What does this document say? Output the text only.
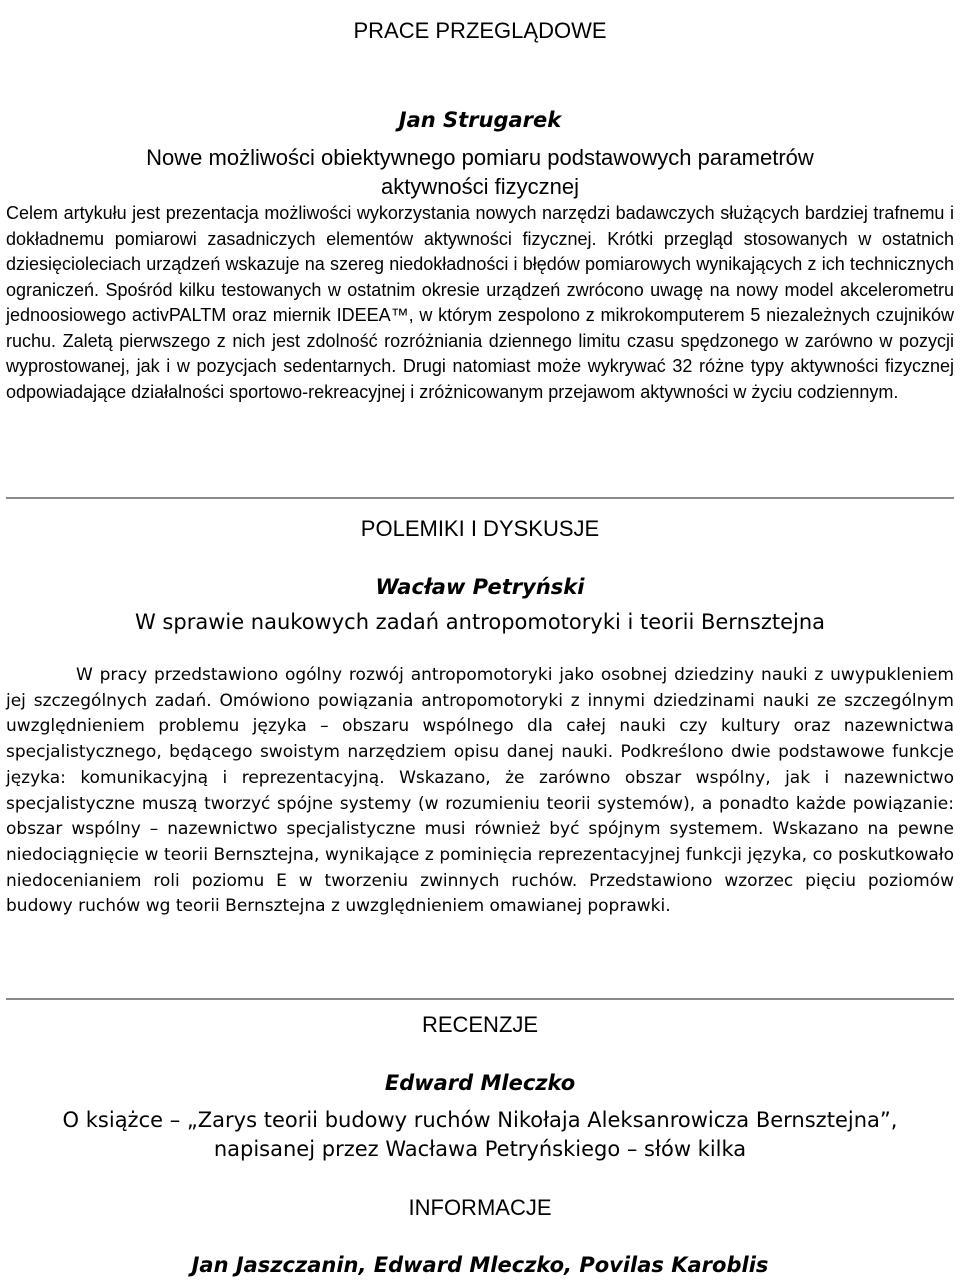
PRACE PRZEGLĄDOWE

Jan Strugarek

Nowe możliwości obiektywnego pomiaru podstawowych parametrów

aktywności fizycznej

Celem artykułu jest prezentacja możliwości wykorzystania nowych narzędzi badawczych służących bardziej trafnemu i dokładnemu pomiarowi zasadniczych elementów aktywności fizycznej. Krótki przegląd stosowanych w ostatnich dziesięcioleciach urządzeń wskazuje na szereg niedokładności i błędów pomiarowych wynikających z ich technicznych ograniczeń. Spośród kilku testowanych w ostatnim okresie urządzeń zwrócono uwagę na nowy model akcelerometru jednoosiowego activPALTM oraz miernik IDEEA™, w którym zespolono z mikrokomputerem 5 niezależnych czujników ruchu. Zaletą pierwszego z nich jest zdolność rozróżniania dziennego limitu czasu spędzonego w zarówno w pozycji wyprostowanej, jak i w pozycjach sedentarnych. Drugi natomiast może wykrywać 32 różne typy aktywności fizycznej odpowiadające działalności sportowo-rekreacyjnej i zróżnicowanym przejawom aktywności w życiu codziennym.

POLEMIKI I DYSKUSJE

Wacław Petryński

W sprawie naukowych zadań antropomotoryki i teorii Bernsztejna

W pracy przedstawiono ogólny rozwój antropomotoryki jako osobnej dziedziny nauki z uwypukleniem jej szczególnych zadań. Omówiono powiązania antropomotoryki z innymi dziedzinami nauki ze szczególnym uwzględnieniem problemu języka – obszaru wspólnego dla całej nauki czy kultury oraz nazewnictwa specjalistycznego, będącego swoistym narzędziem opisu danej nauki. Podkreślono dwie podstawowe funkcje języka: komunikacyjną i reprezentacyjną. Wskazano, że zarówno obszar wspólny, jak i nazewnictwo specjalistyczne muszą tworzyć spójne systemy (w rozumieniu teorii systemów), a ponadto każde powiązanie: obszar wspólny – nazewnictwo specjalistyczne musi również być spójnym systemem. Wskazano na pewne niedociągnięcie w teorii Bernsztejna, wynikające z pominięcia reprezentacyjnej funkcji języka, co poskutkowało niedocenianiem roli poziomu E w tworzeniu zwinnych ruchów. Przedstawiono wzorzec pięciu poziomów budowy ruchów wg teorii Bernsztejna z uwzględnieniem omawianej poprawki.

RECENZJE

Edward Mleczko

O książce – „Zarys teorii budowy ruchów Nikołaja Aleksanrowicza Bernsztejna”,

napisanej przez Wacława Petryńskiego – słów kilka

INFORMACJE

Jan Jaszczanin, Edward Mleczko, Povilas Karoblis
